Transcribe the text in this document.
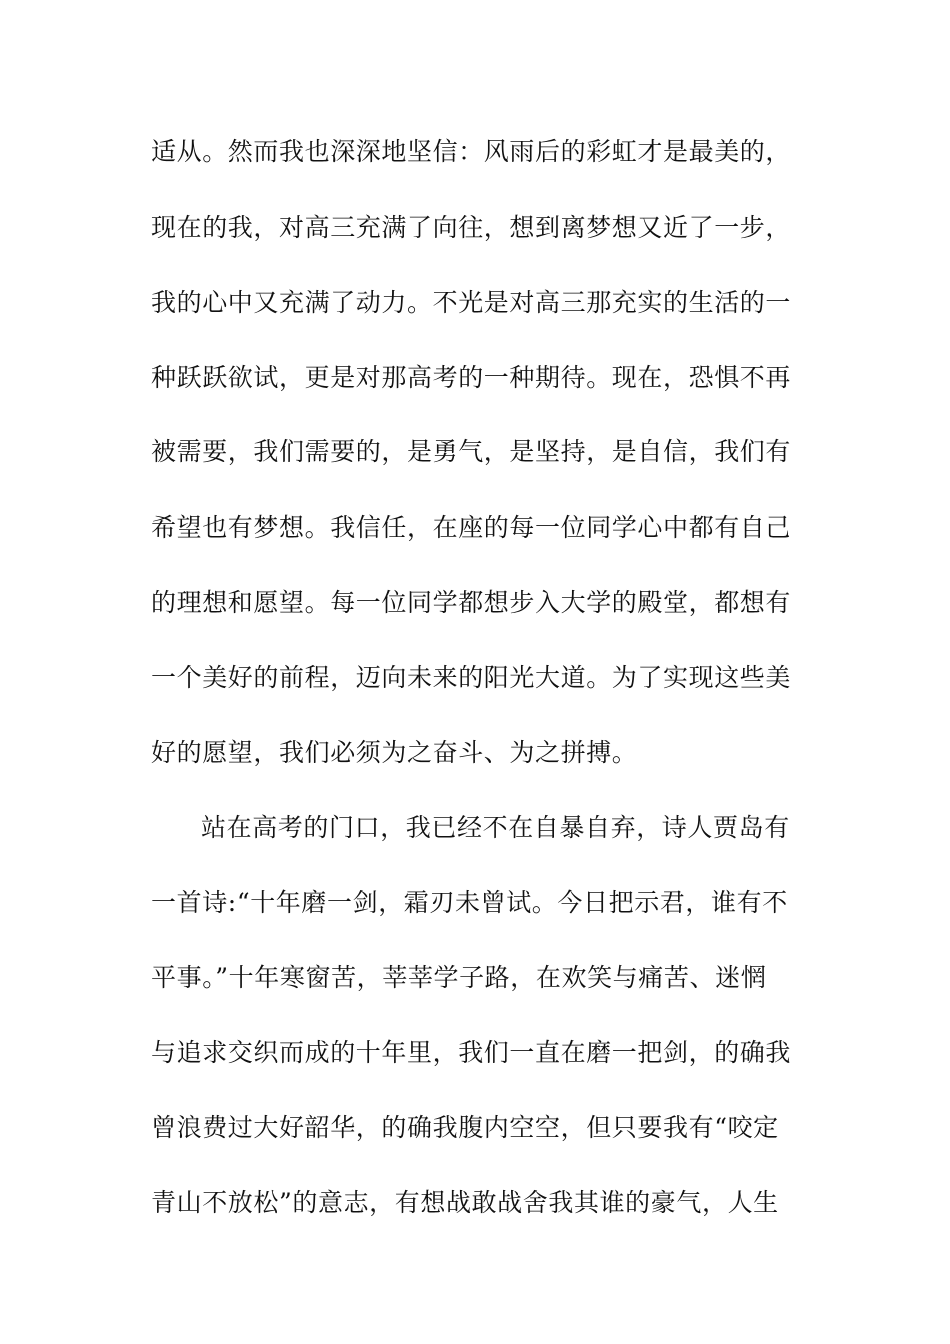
适从。然而我也深深地坚信：风雨后的彩虹才是最美的，
现在的我，对高三充满了向往，想到离梦想又近了一步，
我的心中又充满了动力。不光是对高三那充实的生活的一
种跃跃欲试，更是对那高考的一种期待。现在，恐惧不再
被需要，我们需要的，是勇气，是坚持，是自信，我们有
希望也有梦想。我信任，在座的每一位同学心中都有自己
的理想和愿望。每一位同学都想步入大学的殿堂，都想有
一个美好的前程，迈向未来的阳光大道。为了实现这些美
好的愿望，我们必须为之奋斗、为之拼搏。
站在高考的门口，我已经不在自暴自弃，诗人贾岛有
一首诗:“十年磨一剑，霜刃未曾试。今日把示君，谁有不
平事。”十年寒窗苦，莘莘学子路，在欢笑与痛苦、迷惘
与追求交织而成的十年里，我们一直在磨一把剑，的确我
曾浪费过大好韶华，的确我腹内空空，但只要我有“咬定
青山不放松”的意志，有想战敢战舍我其谁的豪气，人生
